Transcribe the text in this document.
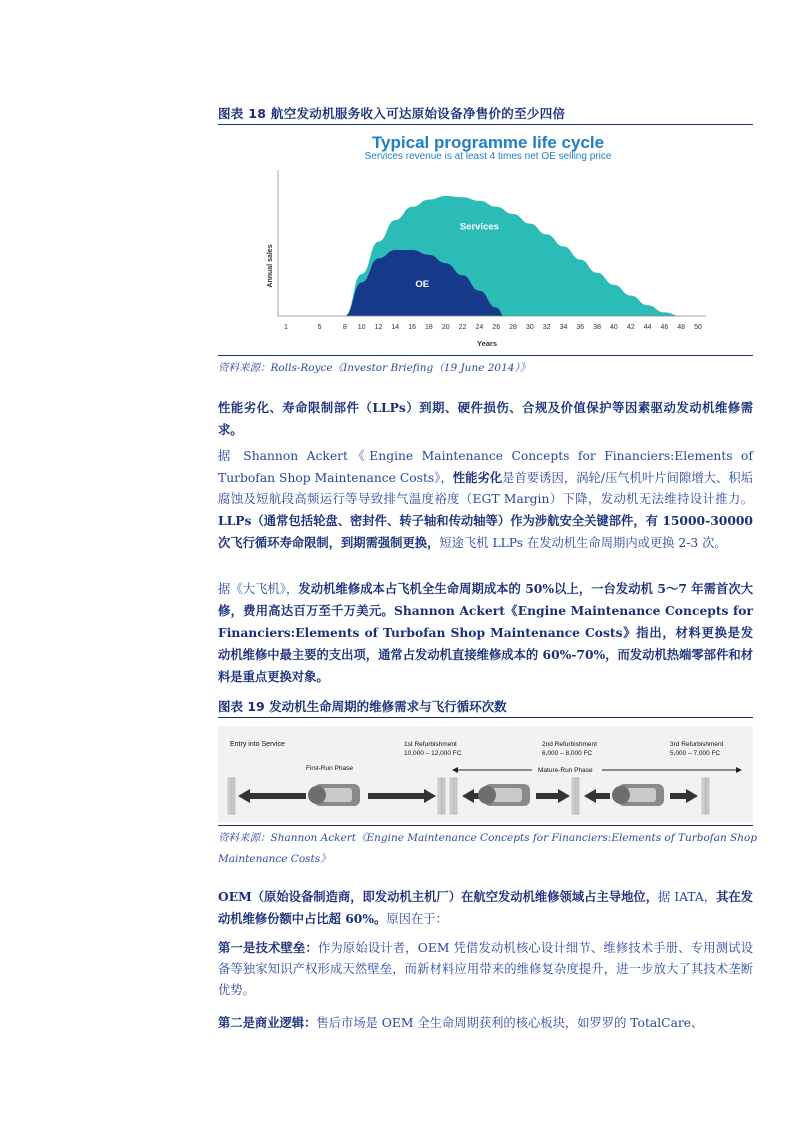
图表 18 航空发动机服务收入可达原始设备净售价的至少四倍
Typical programme life cycle
Services revenue is at least 4 times net OE selling price
Annual sales
1	5	8 10 12 14 16 18 20 22 24 26 28 30 32 34 36 38 40 42 44 46 48 50
Years
Services
OE
资料来源：Rolls-Royce《Investor Briefing（19 June 2014）》
性能劣化、寿命限制部件（LLPs）到期、硬件损伤、合规及价值保护等因素驱动发动机维修需求。
据 Shannon Ackert《Engine Maintenance Concepts for Financiers:Elements of Turbofan Shop Maintenance Costs》，性能劣化是首要诱因，涡轮/压气机叶片间隙增大、积垢腐蚀及短航段高频运行等导致排气温度裕度（EGT Margin）下降，发动机无法维持设计推力。LLPs（通常包括轮盘、密封件、转子轴和传动轴等）作为涉航安全关键部件，有 15000-30000 次飞行循环寿命限制，到期需强制更换，短途飞机 LLPs 在发动机生命周期内或更换 2-3 次。
据《大飞机》，发动机维修成本占飞机全生命周期成本的 50%以上，一台发动机 5～7 年需首次大修，费用高达百万至千万美元。Shannon Ackert《Engine Maintenance Concepts for Financiers:Elements of Turbofan Shop Maintenance Costs》指出，材料更换是发动机维修中最主要的支出项，通常占发动机直接维修成本的 60%-70%，而发动机热端零部件和材料是重点更换对象。
图表 19 发动机生命周期的维修需求与飞行循环次数
Entry into Service	1st Refurbishment
10,000 – 12,000 FC
2nd Refurbishment
6,000 – 8,000 FC
3rd Refurbishment
5,000 – 7,000 FC
First-Run Phase	Mature-Run Phase
资料来源：Shannon Ackert《Engine Maintenance Concepts for Financiers:Elements of Turbofan Shop
Maintenance Costs》
OEM（原始设备制造商，即发动机主机厂）在航空发动机维修领域占主导地位，据 IATA，其在发动机维修份额中占比超 60%。原因在于：
第一是技术壁垒：作为原始设计者，OEM 凭借发动机核心设计细节、维修技术手册、专用测试设备等独家知识产权形成天然壁垒，而新材料应用带来的维修复杂度提升，进一步放大了其技术垄断优势。
第二是商业逻辑：售后市场是 OEM 全生命周期获利的核心板块，如罗罗的 TotalCare、
